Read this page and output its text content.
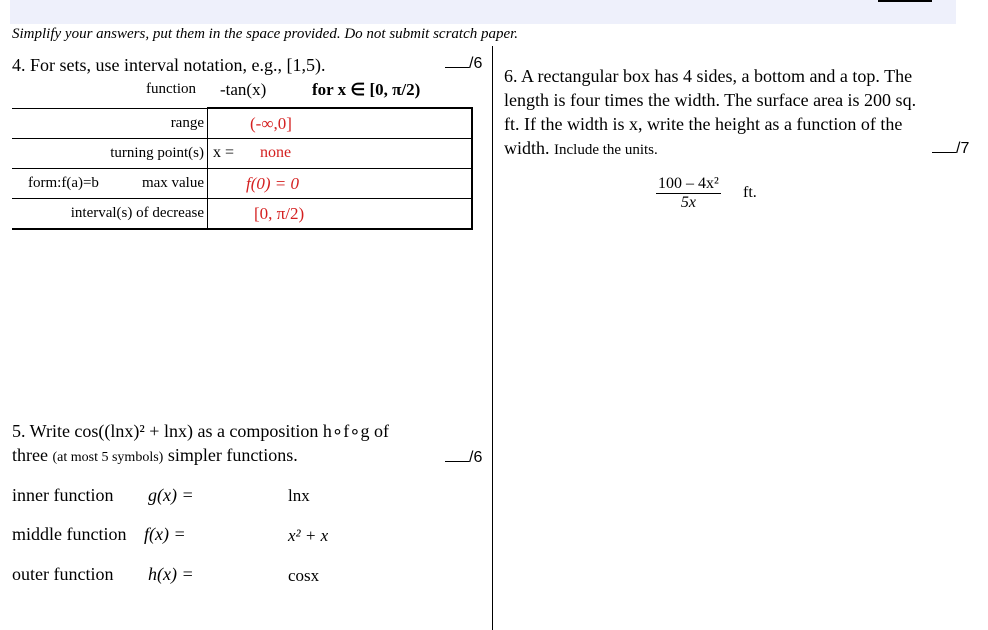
Simplify your answers, put them in the space provided. Do not submit scratch paper.
4. For sets, use interval notation, e.g., [1,5).	/6
function -tan(x)	for x ∈ [0, π/2)
range	(-∞,0]

turning point(s)	x = none

form:f(a)=b max value	f(0) = 0

interval(s) of decrease	[0, π/2)
5. Write cos((lnx)² + lnx) as a composition h∘f∘g of
three (at most 5 symbols) simpler functions.	/6
inner function g(x) =	lnx
middle function f(x) =	x² + x
outer function h(x) =	cosx
6. A rectangular box has 4 sides, a bottom and a top. The
length is four times the width. The surface area is 200 sq.
ft. If the width is x, write the height as a function of the
width. Include the units.	/7
$\frac{\text{100 – 4x²}}{5x}$ ft.
